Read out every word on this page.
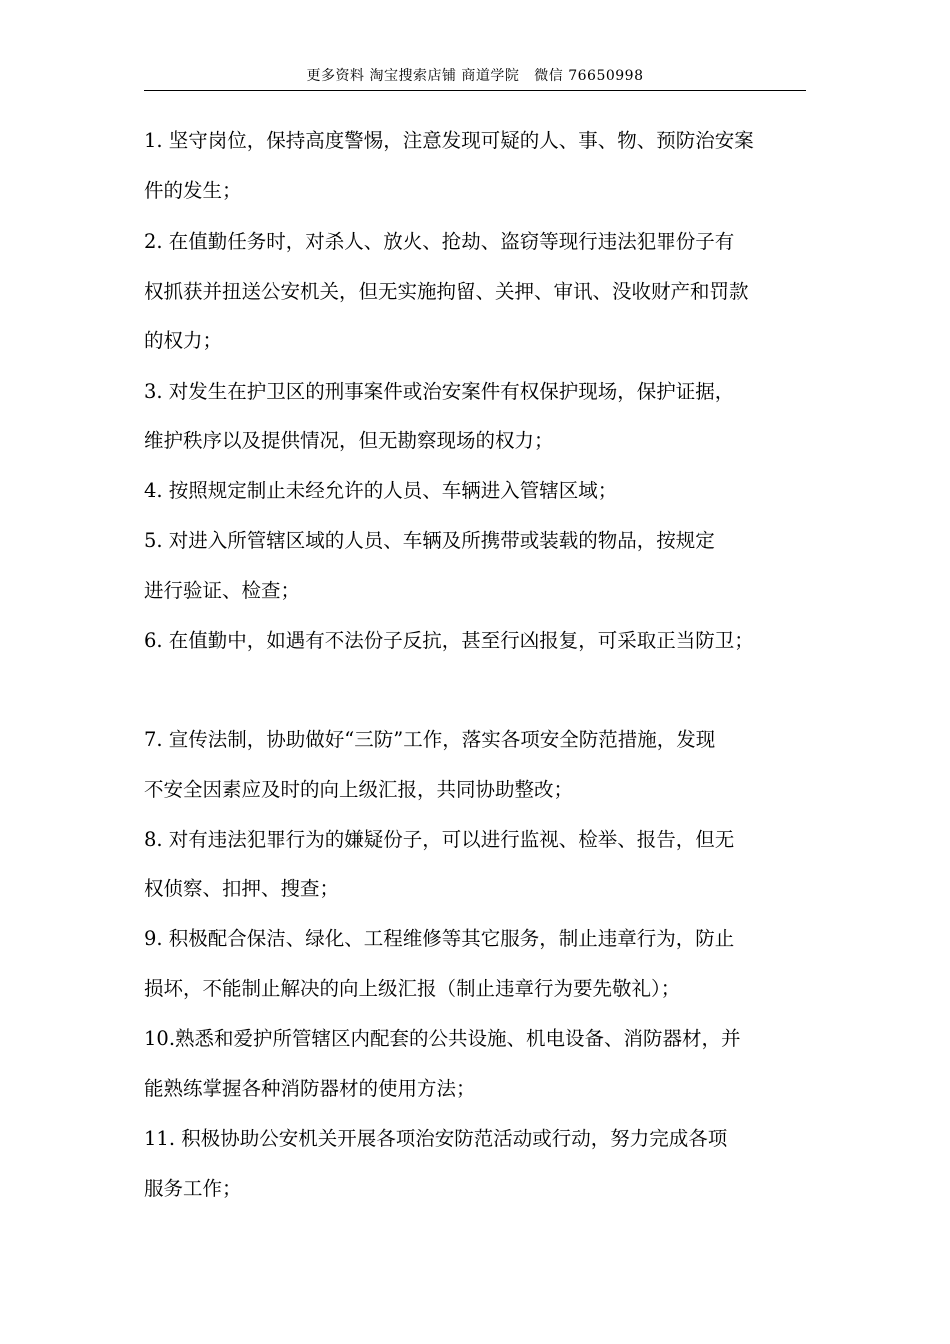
更多资料 淘宝搜索店铺 商道学院   微信 76650998
1. 坚守岗位，保持高度警惕，注意发现可疑的人、事、物、预防治安案
件的发生；
2. 在值勤任务时，对杀人、放火、抢劫、盗窃等现行违法犯罪份子有
权抓获并扭送公安机关，但无实施拘留、关押、审讯、没收财产和罚款
的权力；
3. 对发生在护卫区的刑事案件或治安案件有权保护现场，保护证据，
维护秩序以及提供情况，但无勘察现场的权力；
4. 按照规定制止未经允许的人员、车辆进入管辖区域；
5. 对进入所管辖区域的人员、车辆及所携带或装载的物品，按规定
进行验证、检查；
6. 在值勤中，如遇有不法份子反抗，甚至行凶报复，可采取正当防卫；
7. 宣传法制，协助做好“三防”工作，落实各项安全防范措施，发现
不安全因素应及时的向上级汇报，共同协助整改；
8. 对有违法犯罪行为的嫌疑份子，可以进行监视、检举、报告，但无
权侦察、扣押、搜查；
9. 积极配合保洁、绿化、工程维修等其它服务，制止违章行为，防止
损坏，不能制止解决的向上级汇报（制止违章行为要先敬礼）；
10.熟悉和爱护所管辖区内配套的公共设施、机电设备、消防器材，并
能熟练掌握各种消防器材的使用方法；
11. 积极协助公安机关开展各项治安防范活动或行动，努力完成各项
服务工作；
